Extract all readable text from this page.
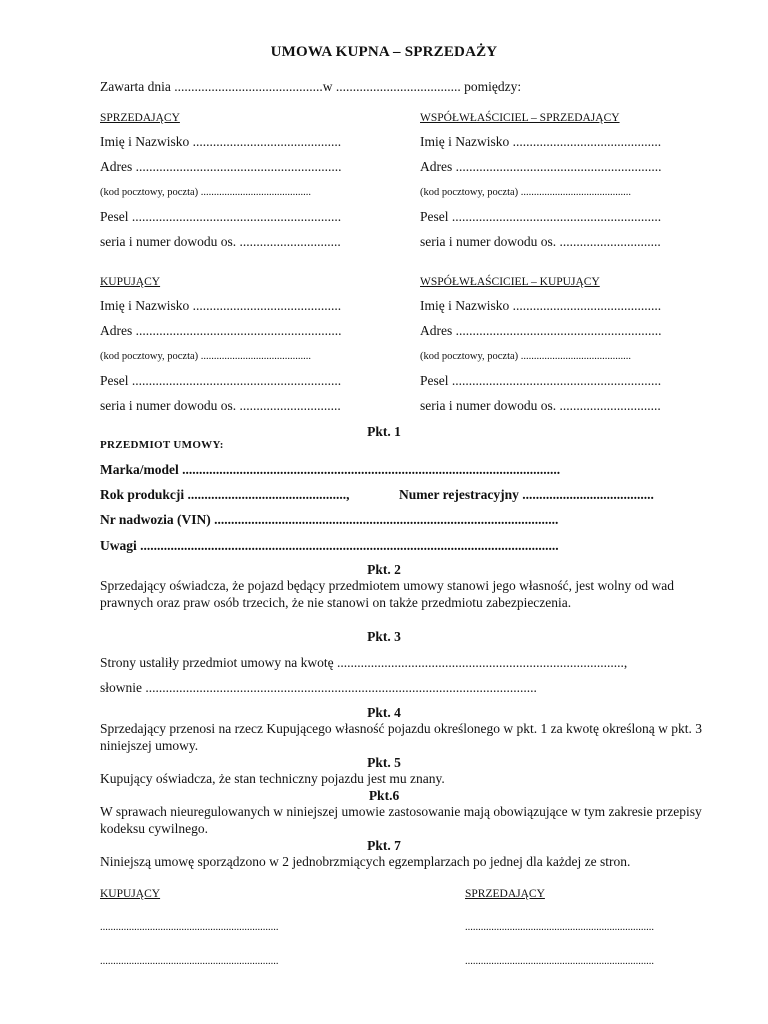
UMOWA KUPNA – SPRZEDAŻY
Zawarta dnia ............................................w ..................................... pomiędzy:
SPRZEDAJĄCY
Imię i Nazwisko ............................................
Adres .............................................................
(kod pocztowy, poczta) ..........................................
Pesel ..............................................................
seria i numer dowodu os. ..............................
WSPÓŁWŁAŚCICIEL – SPRZEDAJĄCY
Imię i Nazwisko ............................................
Adres .............................................................
(kod pocztowy, poczta) ..........................................
Pesel ..............................................................
seria i numer dowodu os. ..............................
KUPUJĄCY
Imię i Nazwisko ............................................
Adres .............................................................
(kod pocztowy, poczta) ..........................................
Pesel ..............................................................
seria i numer dowodu os. ..............................
WSPÓŁWŁAŚCICIEL – KUPUJĄCY
Imię i Nazwisko ............................................
Adres .............................................................
(kod pocztowy, poczta) ..........................................
Pesel ..............................................................
seria i numer dowodu os. ..............................
Pkt. 1
PRZEDMIOT UMOWY:
Marka/model ................................................................................................................
Rok produkcji ...............................................,	Numer rejestracyjny .......................................
Nr nadwozia (VIN) ......................................................................................................
Uwagi ............................................................................................................................
Pkt. 2
Sprzedający oświadcza, że pojazd będący przedmiotem umowy stanowi jego własność, jest wolny od wad prawnych oraz praw osób trzecich, że nie stanowi on także przedmiotu zabezpieczenia.
Pkt. 3
Strony ustaliły przedmiot umowy na kwotę .....................................................................................,
słownie ....................................................................................................................
Pkt. 4
Sprzedający przenosi na rzecz Kupującego własność pojazdu określonego w pkt. 1 za kwotę określoną w pkt. 3 niniejszej umowy.
Pkt. 5
Kupujący oświadcza, że stan techniczny pojazdu jest mu znany.
Pkt.6
W sprawach nieuregulowanych w niniejszej umowie zastosowanie mają obowiązujące w tym zakresie przepisy kodeksu cywilnego.
Pkt. 7
Niniejszą umowę sporządzono w 2 jednobrzmiących egzemplarzach po jednej dla każdej ze stron.
KUPUJĄCY	SPRZEDAJĄCY
....................................................................	........................................................................
....................................................................	........................................................................
